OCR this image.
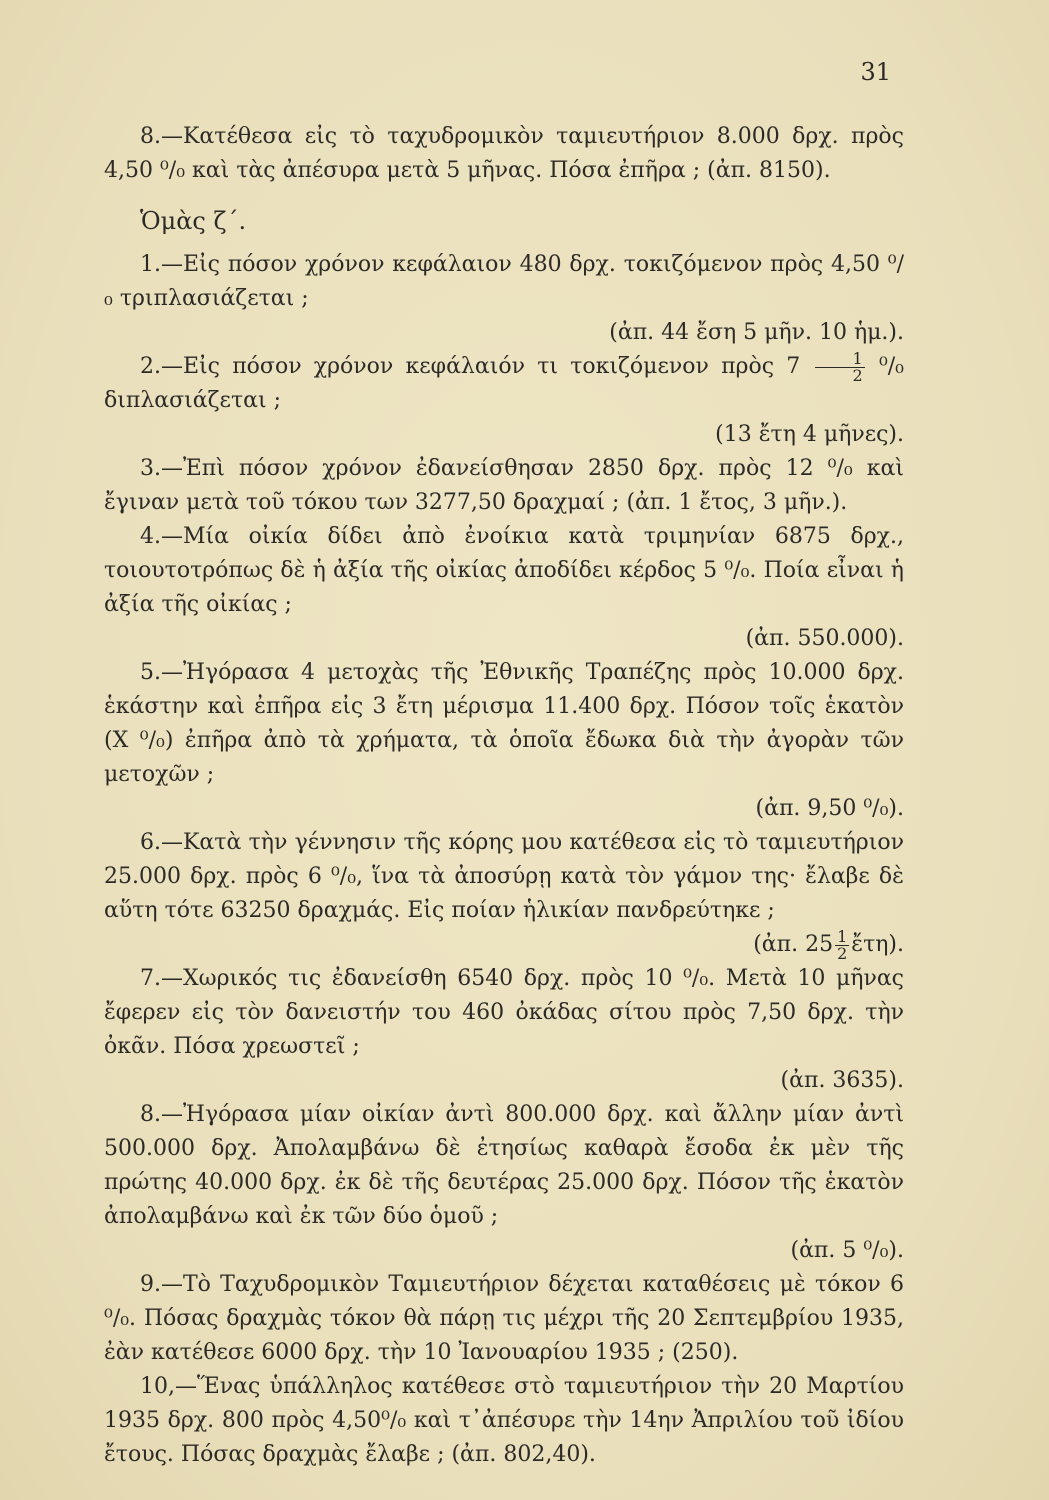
31

8.—Κατέθεσα εἰς τὸ ταχυδρομικὸν ταμιευτήριον 8.000 δρχ. πρὸς 4,50 ⁰/₀ καὶ τὰς ἀπέσυρα μετὰ 5 μῆνας. Πόσα ἐπῆρα ; (ἀπ. 8150).

Ὁμὰς ζ΄.

1.—Εἰς πόσον χρόνον κεφάλαιον 480 δρχ. τοκιζόμενον πρὸς 4,50 ⁰/₀ τριπλασιάζεται ;

(ἀπ. 44 ἔση 5 μῆν. 10 ἡμ.).

2.—Εἰς πόσον χρόνον κεφάλαιόν τι τοκιζόμενον πρὸς $7 \frac{1}{2} ^0/_0$ διπλασιάζεται ;

(13 ἔτη 4 μῆνες).

3.—Ἐπὶ πόσον χρόνον ἐδανείσθησαν 2850 δρχ. πρὸς 12 ⁰/₀ καὶ ἔγιναν μετὰ τοῦ τόκου των 3277,50 δραχμαί ; (ἀπ. 1 ἔτος, 3 μῆν.).

4.—Μία οἰκία δίδει ἀπὸ ἐνοίκια κατὰ τριμηνίαν 6875 δρχ., τοιουτοτρόπως δὲ ἡ ἀξία τῆς οἰκίας ἀποδίδει κέρδος 5 ⁰/₀. Ποία εἶναι ἡ ἀξία τῆς οἰκίας ;

(ἀπ. 550.000).

5.—Ἠγόρασα 4 μετοχὰς τῆς Ἐθνικῆς Τραπέζης πρὸς 10.000 δρχ. ἑκάστην καὶ ἐπῆρα εἰς 3 ἔτη μέρισμα 11.400 δρχ. Πόσον τοῖς ἑκατὸν (Χ ⁰/₀) ἐπῆρα ἀπὸ τὰ χρήματα, τὰ ὁποῖα ἔδωκα διὰ τὴν ἀγορὰν τῶν μετοχῶν ;

(ἀπ. 9,50 ⁰/₀).

6.—Κατὰ τὴν γέννησιν τῆς κόρης μου κατέθεσα εἰς τὸ ταμιευτήριον 25.000 δρχ. πρὸς 6 ⁰/₀, ἵνα τὰ ἀποσύρῃ κατὰ τὸν γάμον της· ἔλαβε δὲ αὕτη τότε 63250 δραχμάς. Εἰς ποίαν ἡλικίαν πανδρεύτηκε ;

(ἀπ. $25 \frac{1}{2}$ ἔτη).

7.—Χωρικός τις ἐδανείσθη 6540 δρχ. πρὸς 10 ⁰/₀. Μετὰ 10 μῆνας ἔφερεν εἰς τὸν δανειστήν του 460 ὀκάδας σίτου πρὸς 7,50 δρχ. τὴν ὀκᾶν. Πόσα χρεωστεῖ ;

(ἀπ. 3635).

8.—Ἠγόρασα μίαν οἰκίαν ἀντὶ 800.000 δρχ. καὶ ἄλλην μίαν ἀντὶ 500.000 δρχ. Ἀπολαμβάνω δὲ ἐτησίως καθαρὰ ἔσοδα ἐκ μὲν τῆς πρώτης 40.000 δρχ. ἐκ δὲ τῆς δευτέρας 25.000 δρχ. Πόσον τῆς ἑκατὸν ἀπολαμβάνω καὶ ἐκ τῶν δύο ὁμοῦ ;

(ἀπ. 5 ⁰/₀).

9.—Τὸ Ταχυδρομικὸν Ταμιευτήριον δέχεται καταθέσεις μὲ τόκον 6 ⁰/₀. Πόσας δραχμὰς τόκον θὰ πάρῃ τις μέχρι τῆς 20 Σεπτεμβρίου 1935, ἐὰν κατέθεσε 6000 δρχ. τὴν 10 Ἰανουαρίου 1935 ; (250).

10,—Ἕνας ὑπάλληλος κατέθεσε στὸ ταμιευτήριον τὴν 20 Μαρτίου 1935 δρχ. 800 πρὸς 4,50⁰/₀ καὶ τ᾿ἀπέσυρε τὴν 14ην Ἀπριλίου τοῦ ἰδίου ἔτους. Πόσας δραχμὰς ἔλαβε ; (ἀπ. 802,40).
